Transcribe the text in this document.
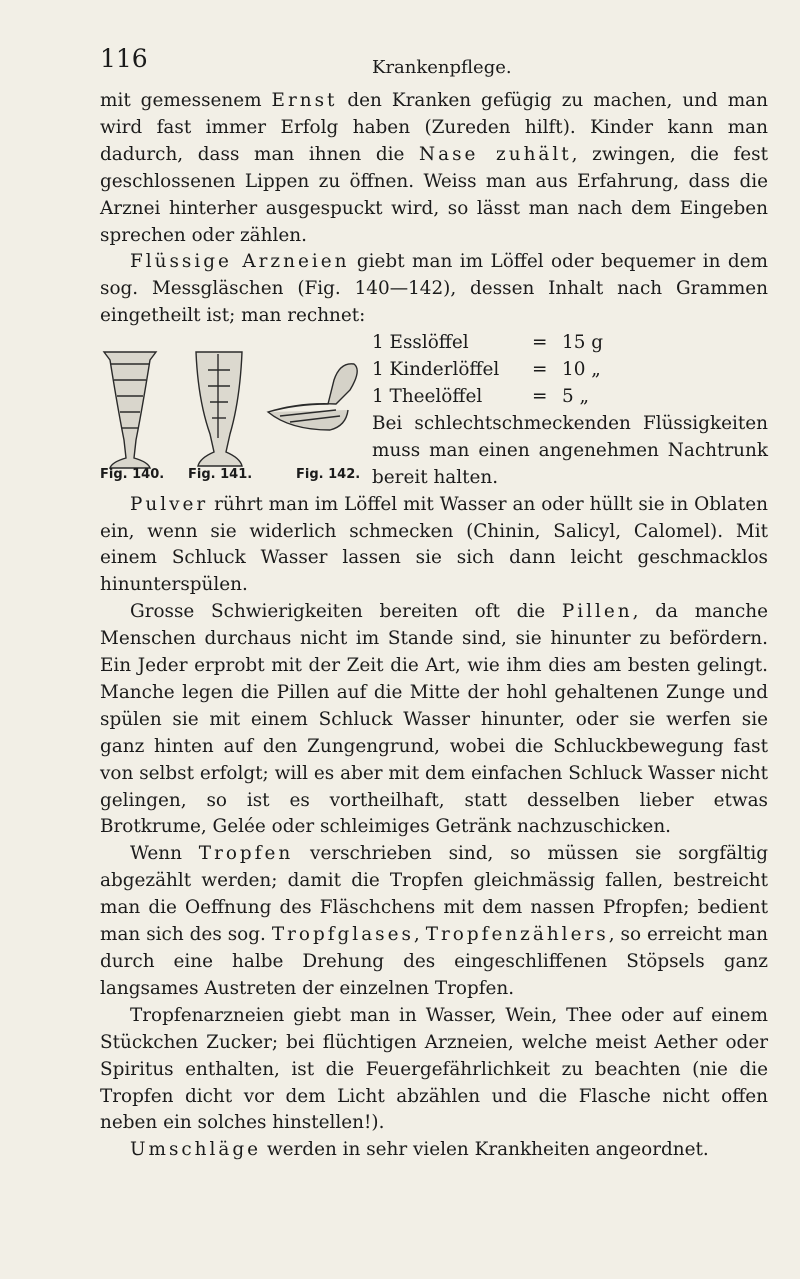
116	Krankenpflege.

mit gemessenem Ernst den Kranken gefügig zu machen, und man wird fast immer Erfolg haben (Zureden hilft). Kinder kann man dadurch, dass man ihnen die Nase zuhält, zwingen, die fest geschlossenen Lippen zu öffnen. Weiss man aus Erfahrung, dass die Arznei hinterher ausgespuckt wird, so lässt man nach dem Eingeben sprechen oder zählen.

Flüssige Arzneien giebt man im Löffel oder bequemer in dem sog. Messgläschen (Fig. 140—142), dessen Inhalt nach Grammen eingetheilt ist; man rechnet:

Fig. 140. Fig. 141.	Fig. 142.
1 Esslöffel	= 15 g
1 Kinderlöffel	= 10 „
1 Theelöffel	= 5 „

Bei schlechtschmeckenden Flüssigkeiten muss man einen angenehmen Nachtrunk bereit halten.

Pulver rührt man im Löffel mit Wasser an oder hüllt sie in Oblaten ein, wenn sie widerlich schmecken (Chinin, Salicyl, Calomel). Mit einem Schluck Wasser lassen sie sich dann leicht geschmacklos hinunterspülen.

Grosse Schwierigkeiten bereiten oft die Pillen, da manche Menschen durchaus nicht im Stande sind, sie hinunter zu befördern. Ein Jeder erprobt mit der Zeit die Art, wie ihm dies am besten gelingt. Manche legen die Pillen auf die Mitte der hohl gehaltenen Zunge und spülen sie mit einem Schluck Wasser hinunter, oder sie werfen sie ganz hinten auf den Zungengrund, wobei die Schluckbewegung fast von selbst erfolgt; will es aber mit dem einfachen Schluck Wasser nicht gelingen, so ist es vortheilhaft, statt desselben lieber etwas Brotkrume, Gelée oder schleimiges Getränk nachzuschicken.

Wenn Tropfen verschrieben sind, so müssen sie sorgfältig abgezählt werden; damit die Tropfen gleichmässig fallen, bestreicht man die Oeffnung des Fläschchens mit dem nassen Pfropfen; bedient man sich des sog. Tropfglases, Tropfenzählers, so erreicht man durch eine halbe Drehung des eingeschliffenen Stöpsels ganz langsames Austreten der einzelnen Tropfen.

Tropfenarzneien giebt man in Wasser, Wein, Thee oder auf einem Stückchen Zucker; bei flüchtigen Arzneien, welche meist Aether oder Spiritus enthalten, ist die Feuergefährlichkeit zu beachten (nie die Tropfen dicht vor dem Licht abzählen und die Flasche nicht offen neben ein solches hinstellen!).

Umschläge werden in sehr vielen Krankheiten angeordnet.
